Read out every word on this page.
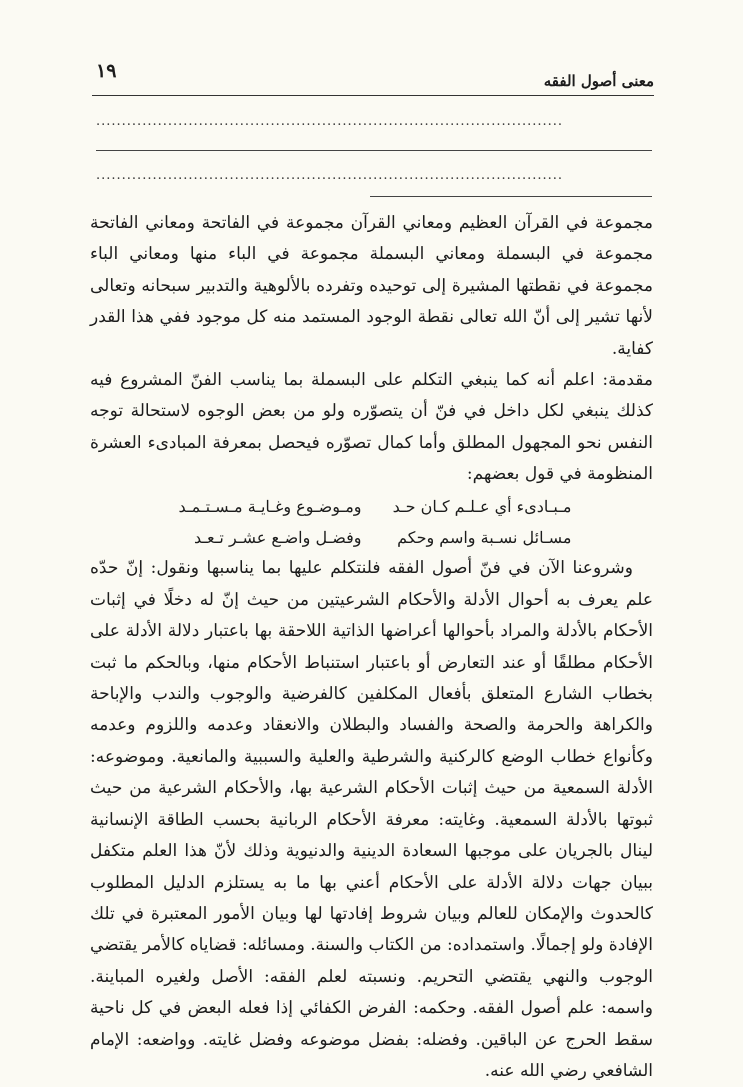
معنى أصول الفقه
١٩
...........................................................................................
...........................................................................................

مجموعة في القرآن العظيم ومعاني القرآن مجموعة في الفاتحة ومعاني الفاتحة مجموعة في البسملة ومعاني البسملة مجموعة في الباء منها ومعاني الباء مجموعة في نقطتها المشيرة إلى توحيده وتفرده بالألوهية والتدبير سبحانه وتعالى لأنها تشير إلى أنّ الله تعالى نقطة الوجود المستمد منه كل موجود ففي هذا القدر كفاية.

مقدمة: اعلم أنه كما ينبغي التكلم على البسملة بما يناسب الفنّ المشروع فيه كذلك ينبغي لكل داخل في فنّ أن يتصوّره ولو من بعض الوجوه لاستحالة توجه النفس نحو المجهول المطلق وأما كمال تصوّره فيحصل بمعرفة المبادىء العشرة المنظومة في قول بعضهم:

مـبـادىء أي عـلـم كـان حـد
ومـوضـوع وغـايـة مـسـتـمـد
مسـائل نسـبة واسم وحكم
وفضـل واضـع عشـر تـعـد

وشروعنا الآن في فنّ أصول الفقه فلنتكلم عليها بما يناسبها ونقول: إنّ حدّه علم يعرف به أحوال الأدلة والأحكام الشرعيتين من حيث إنّ له دخلًا في إثبات الأحكام بالأدلة والمراد بأحوالها أعراضها الذاتية اللاحقة بها باعتبار دلالة الأدلة على الأحكام مطلقًا أو عند التعارض أو باعتبار استنباط الأحكام منها، وبالحكم ما ثبت بخطاب الشارع المتعلق بأفعال المكلفين كالفرضية والوجوب والندب والإباحة والكراهة والحرمة والصحة والفساد والبطلان والانعقاد وعدمه واللزوم وعدمه وكأنواع خطاب الوضع كالركنية والشرطية والعلية والسببية والمانعية. وموضوعه: الأدلة السمعية من حيث إثبات الأحكام الشرعية بها، والأحكام الشرعية من حيث ثبوتها بالأدلة السمعية. وغايته: معرفة الأحكام الربانية بحسب الطاقة الإنسانية لينال بالجريان على موجبها السعادة الدينية والدنيوية وذلك لأنّ هذا العلم متكفل ببيان جهات دلالة الأدلة على الأحكام أعني بها ما به يستلزم الدليل المطلوب كالحدوث والإمكان للعالم وبيان شروط إفادتها لها وبيان الأمور المعتبرة في تلك الإفادة ولو إجمالًا. واستمداده: من الكتاب والسنة. ومسائله: قضاياه كالأمر يقتضي الوجوب والنهي يقتضي التحريم. ونسبته لعلم الفقه: الأصل ولغيره المباينة. واسمه: علم أصول الفقه. وحكمه: الفرض الكفائي إذا فعله البعض في كل ناحية سقط الحرج عن الباقين. وفضله: بفضل موضوعه وفضل غايته. وواضعه: الإمام الشافعي رضي الله عنه.
